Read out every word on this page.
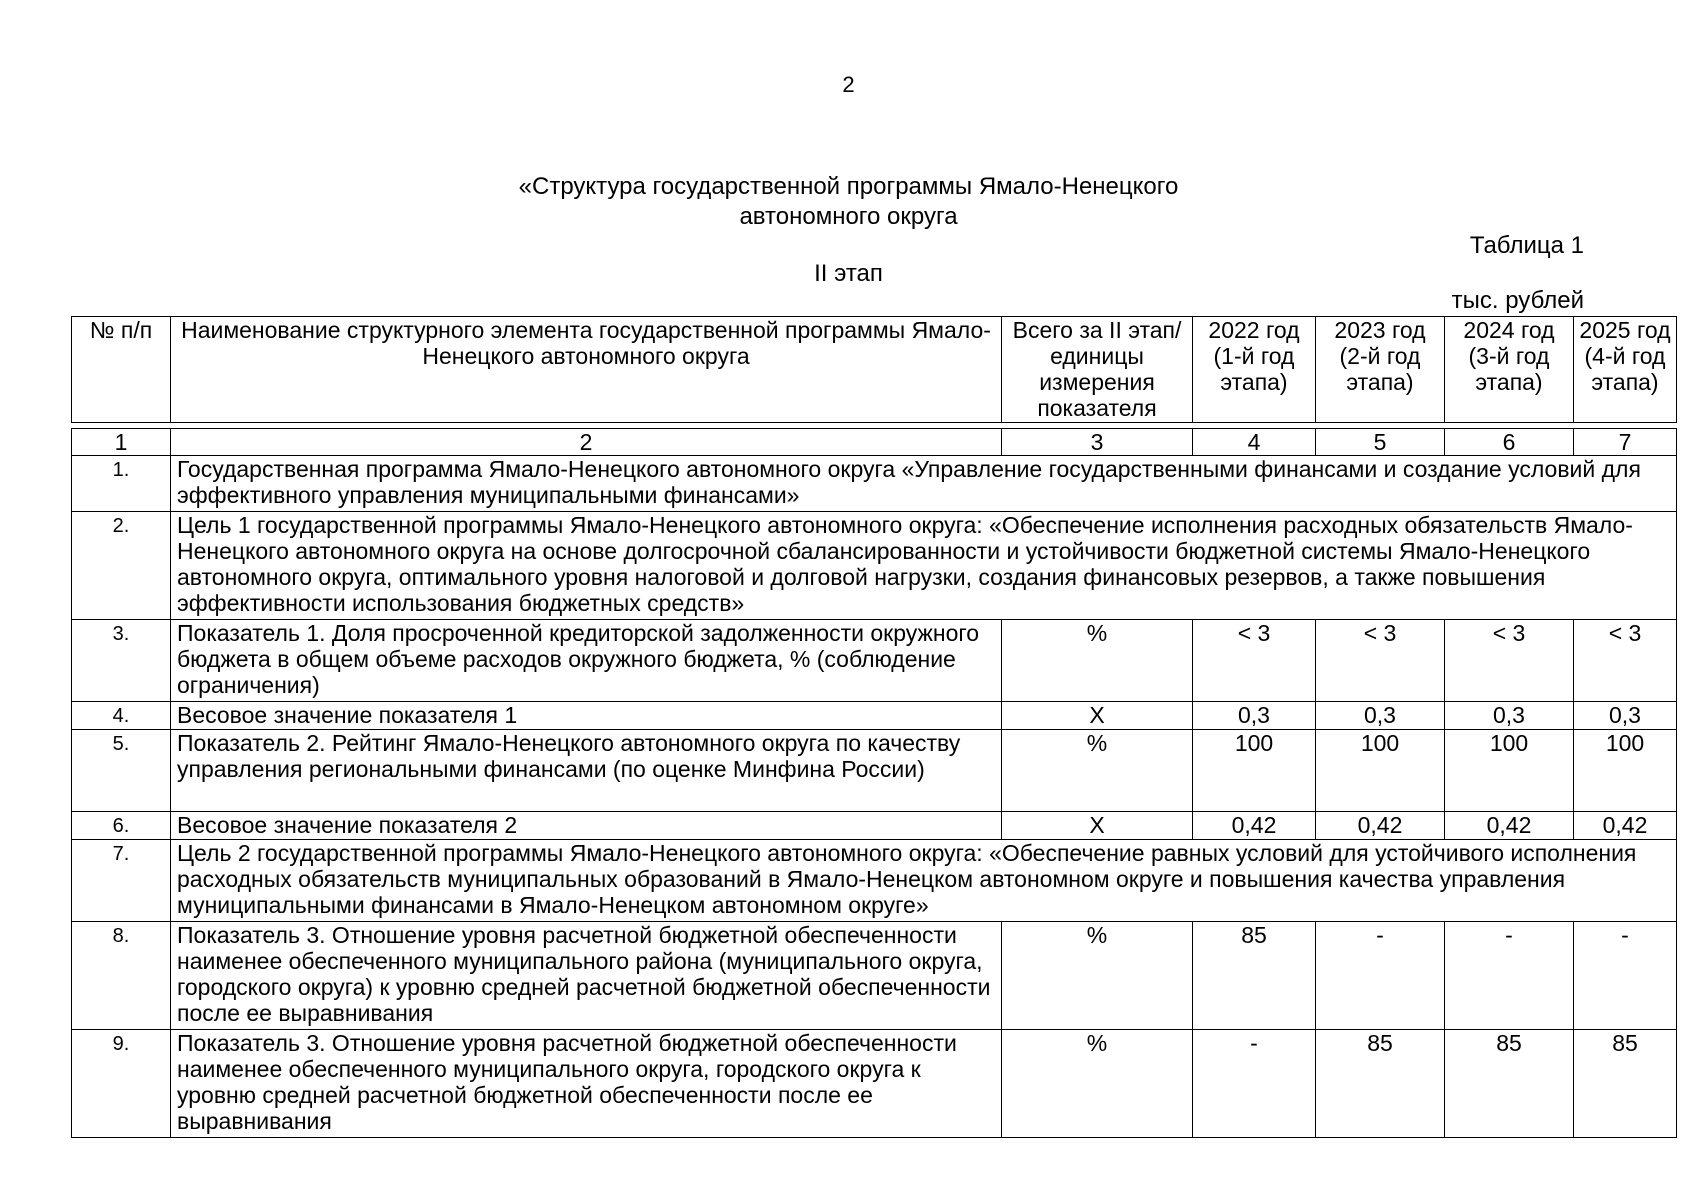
2
«Структура государственной программы Ямало-Ненецкого
автономного округа
Таблица 1
II этап
тыс. рублей
№ п/п	Наименование структурного элемента государственной программы Ямало-Ненецкого автономного округа	Всего за II этап/ единицы измерения показателя	2022 год (1-й год этапа)	2023 год (2-й год этапа)	2024 год (3-й год этапа)	2025 год (4-й год этапа)
1	2	3	4	5	6	7
1.	Государственная программа Ямало-Ненецкого автономного округа «Управление государственными финансами и создание условий для эффективного управления муниципальными финансами»					
2.	Цель 1 государственной программы Ямало-Ненецкого автономного округа: «Обеспечение исполнения расходных обязательств Ямало-Ненецкого автономного округа на основе долгосрочной сбалансированности и устойчивости бюджетной системы Ямало-Ненецкого автономного округа, оптимального уровня налоговой и долговой нагрузки, создания финансовых резервов, а также повышения эффективности использования бюджетных средств»					
3.	Показатель 1. Доля просроченной кредиторской задолженности окружного бюджета в общем объеме расходов окружного бюджета, % (соблюдение ограничения)	%	< 3	< 3	< 3	< 3
4.	Весовое значение показателя 1	Х	0,3	0,3	0,3	0,3
5.	Показатель 2. Рейтинг Ямало-Ненецкого автономного округа по качеству управления региональными финансами (по оценке Минфина России)	%	100	100	100	100
6.	Весовое значение показателя 2	Х	0,42	0,42	0,42	0,42
7.	Цель 2 государственной программы Ямало-Ненецкого автономного округа: «Обеспечение равных условий для устойчивого исполнения расходных обязательств муниципальных образований в Ямало-Ненецком автономном округе и повышения качества управления муниципальными финансами в Ямало-Ненецком автономном округе»					
8.	Показатель 3. Отношение уровня расчетной бюджетной обеспеченности наименее обеспеченного муниципального района (муниципального округа, городского округа) к уровню средней расчетной бюджетной обеспеченности после ее выравнивания	%	85	-	-	-
9.	Показатель 3. Отношение уровня расчетной бюджетной обеспеченности наименее обеспеченного муниципального округа, городского округа к уровню средней расчетной бюджетной обеспеченности после ее выравнивания	%	-	85	85	85
